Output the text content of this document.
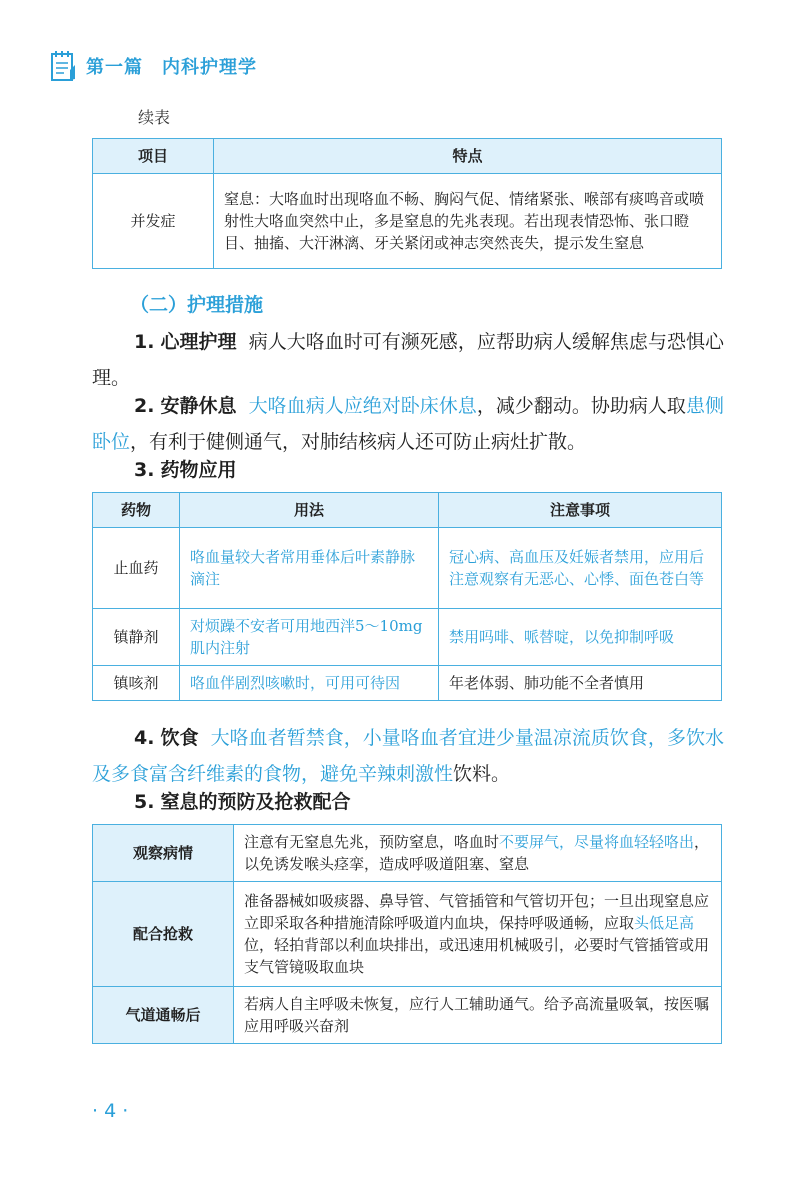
第一篇　内科护理学
续表
项目	特点
并发症	窒息：大咯血时出现咯血不畅、胸闷气促、情绪紧张、喉部有痰鸣音或喷射性大咯血突然中止，多是窒息的先兆表现。若出现表情恐怖、张口瞪目、抽搐、大汗淋漓、牙关紧闭或神志突然丧失，提示发生窒息
（二）护理措施
1. 心理护理 病人大咯血时可有濒死感，应帮助病人缓解焦虑与恐惧心理。
2. 安静休息 大咯血病人应绝对卧床休息，减少翻动。协助病人取患侧卧位，有利于健侧通气，对肺结核病人还可防止病灶扩散。
3. 药物应用
药物	用法	注意事项
止血药	咯血量较大者常用垂体后叶素静脉滴注	冠心病、高血压及妊娠者禁用，应用后注意观察有无恶心、心悸、面色苍白等
镇静剂	对烦躁不安者可用地西泮5～10mg肌内注射	禁用吗啡、哌替啶，以免抑制呼吸
镇咳剂	咯血伴剧烈咳嗽时，可用可待因	年老体弱、肺功能不全者慎用
4. 饮食 大咯血者暂禁食，小量咯血者宜进少量温凉流质饮食，多饮水及多食富含纤维素的食物，避免辛辣刺激性饮料。
5. 窒息的预防及抢救配合
观察病情	注意有无窒息先兆，预防窒息，咯血时不要屏气，尽量将血轻轻咯出，以免诱发喉头痉挛，造成呼吸道阻塞、窒息
配合抢救	准备器械如吸痰器、鼻导管、气管插管和气管切开包；一旦出现窒息应立即采取各种措施清除呼吸道内血块，保持呼吸通畅，应取头低足高位，轻拍背部以利血块排出，或迅速用机械吸引，必要时气管插管或用支气管镜吸取血块
气道通畅后	若病人自主呼吸未恢复，应行人工辅助通气。给予高流量吸氧，按医嘱应用呼吸兴奋剂
· 4 ·
